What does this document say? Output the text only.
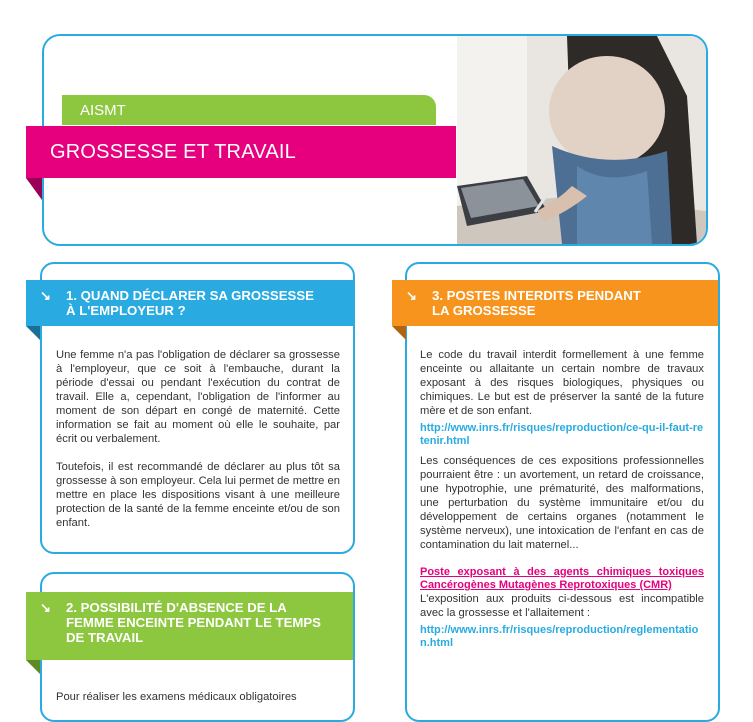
AISMT
GROSSESSE ET TRAVAIL
↘ 1. QUAND DÉCLARER SA GROSSESSE
À L'EMPLOYEUR ?

Une femme n'a pas l'obligation de déclarer sa grossesse à l'employeur, que ce soit à l'embauche, durant la période d'essai ou pendant l'exécution du contrat de travail. Elle a, cependant, l'obligation de l'informer au moment de son départ en congé de maternité. Cette information se fait au moment où elle le souhaite, par écrit ou verbalement.

Toutefois, il est recommandé de déclarer au plus tôt sa grossesse à son employeur. Cela lui permet de mettre en mettre en place les dispositions visant à une meilleure protection de la santé de la femme enceinte et/ou de son enfant.

↘ 2. POSSIBILITÉ D'ABSENCE DE LA
FEMME ENCEINTE PENDANT LE TEMPS
DE TRAVAIL

Pour réaliser les examens médicaux obligatoires

↘ 3. POSTES INTERDITS PENDANT
LA GROSSESSE
Le code du travail interdit formellement à une femme enceinte ou allaitante un certain nombre de travaux exposant à des risques biologiques, physiques ou chimiques. Le but est de préserver la santé de la future mère et de son enfant.
http://www.inrs.fr/risques/reproduction/ce-qu-il-faut-retenir.html

Les conséquences de ces expositions professionnelles pourraient être : un avortement, un retard de croissance, une hypotrophie, une prématurité, des malformations, une perturbation du système immunitaire et/ou du développement de certains organes (notamment le système nerveux), une intoxication de l'enfant en cas de contamination du lait maternel...

Poste exposant à des agents chimiques toxiques Cancérogènes Mutagènes Reprotoxiques (CMR)
L'exposition aux produits ci-dessous est incompatible avec la grossesse et l'allaitement :
http://www.inrs.fr/risques/reproduction/reglementation.html
